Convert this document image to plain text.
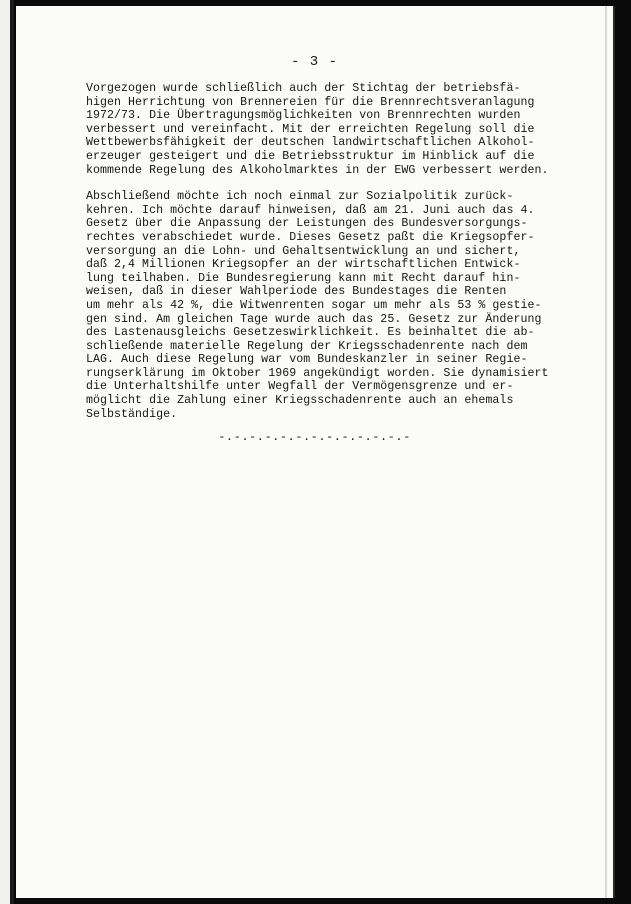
- 3 -

Vorgezogen wurde schließlich auch der Stichtag der betriebsfä-
higen Herrichtung von Brennereien für die Brennrechtsveranlagung
1972/73. Die Übertragungsmöglichkeiten von Brennrechten wurden
verbessert und vereinfacht. Mit der erreichten Regelung soll die
Wettbewerbsfähigkeit der deutschen landwirtschaftlichen Alkohol-
erzeuger gesteigert und die Betriebsstruktur im Hinblick auf die
kommende Regelung des Alkoholmarktes in der EWG verbessert werden.

Abschließend möchte ich noch einmal zur Sozialpolitik zurück-
kehren. Ich möchte darauf hinweisen, daß am 21. Juni auch das 4.
Gesetz über die Anpassung der Leistungen des Bundesversorgungs-
rechtes verabschiedet wurde. Dieses Gesetz paßt die Kriegsopfer-
versorgung an die Lohn- und Gehaltsentwicklung an und sichert,
daß 2,4 Millionen Kriegsopfer an der wirtschaftlichen Entwick-
lung teilhaben. Die Bundesregierung kann mit Recht darauf hin-
weisen, daß in dieser Wahlperiode des Bundestages die Renten
um mehr als 42 %, die Witwenrenten sogar um mehr als 53 % gestie-
gen sind. Am gleichen Tage wurde auch das 25. Gesetz zur Änderung
des Lastenausgleichs Gesetzeswirklichkeit. Es beinhaltet die ab-
schließende materielle Regelung der Kriegsschadenrente nach dem
LAG. Auch diese Regelung war vom Bundeskanzler in seiner Regie-
rungserklärung im Oktober 1969 angekündigt worden. Sie dynamisiert
die Unterhaltshilfe unter Wegfall der Vermögensgrenze und er-
möglicht die Zahlung einer Kriegsschadenrente auch an ehemals
Selbständige.

-.-.-.-.-.-.-.-.-.-.-.-.-
